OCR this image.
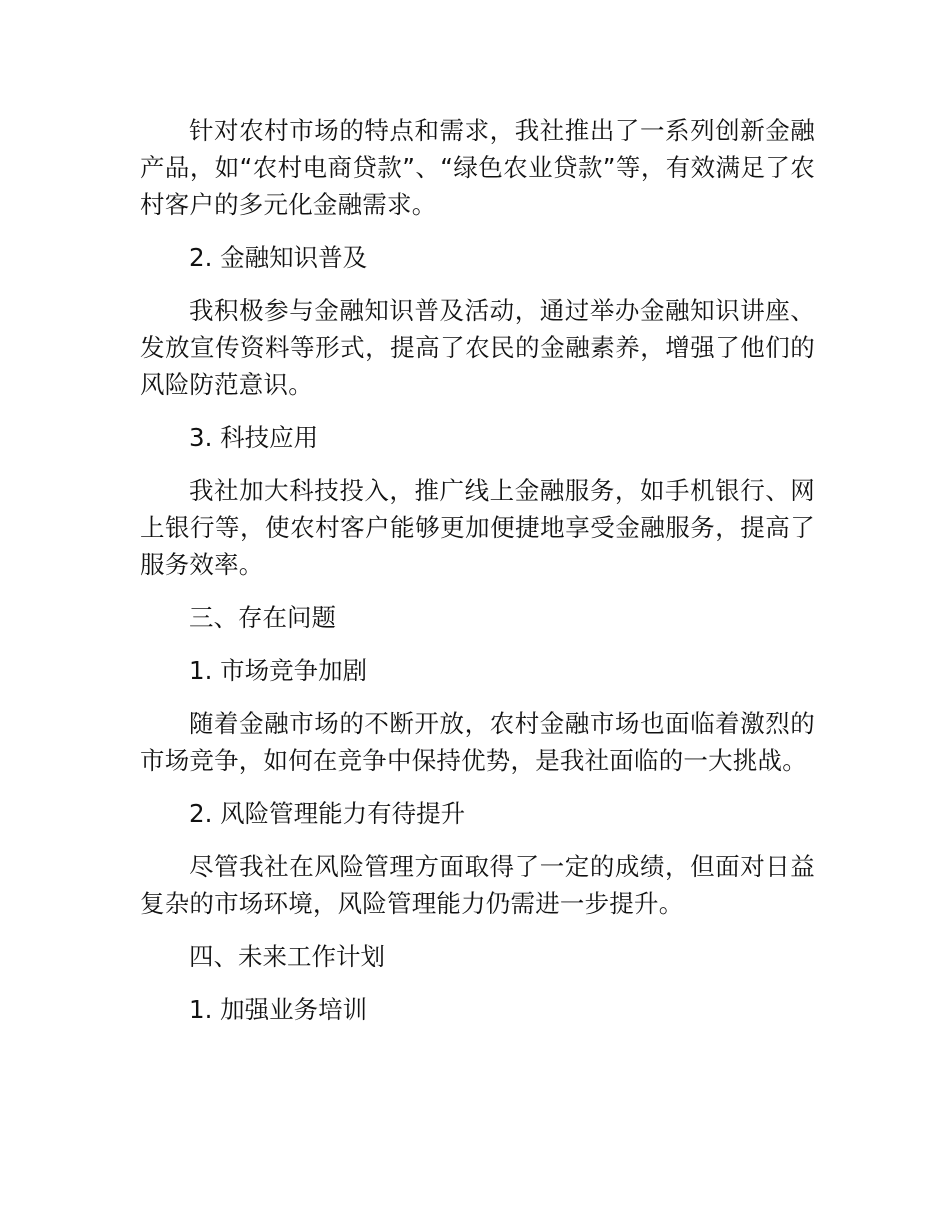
针对农村市场的特点和需求，我社推出了一系列创新金融产品，如“农村电商贷款”、“绿色农业贷款”等，有效满足了农村客户的多元化金融需求。

2. 金融知识普及

我积极参与金融知识普及活动，通过举办金融知识讲座、发放宣传资料等形式，提高了农民的金融素养，增强了他们的风险防范意识。

3. 科技应用

我社加大科技投入，推广线上金融服务，如手机银行、网上银行等，使农村客户能够更加便捷地享受金融服务，提高了服务效率。

三、存在问题

1. 市场竞争加剧

随着金融市场的不断开放，农村金融市场也面临着激烈的市场竞争，如何在竞争中保持优势，是我社面临的一大挑战。

2. 风险管理能力有待提升

尽管我社在风险管理方面取得了一定的成绩，但面对日益复杂的市场环境，风险管理能力仍需进一步提升。

四、未来工作计划

1. 加强业务培训
